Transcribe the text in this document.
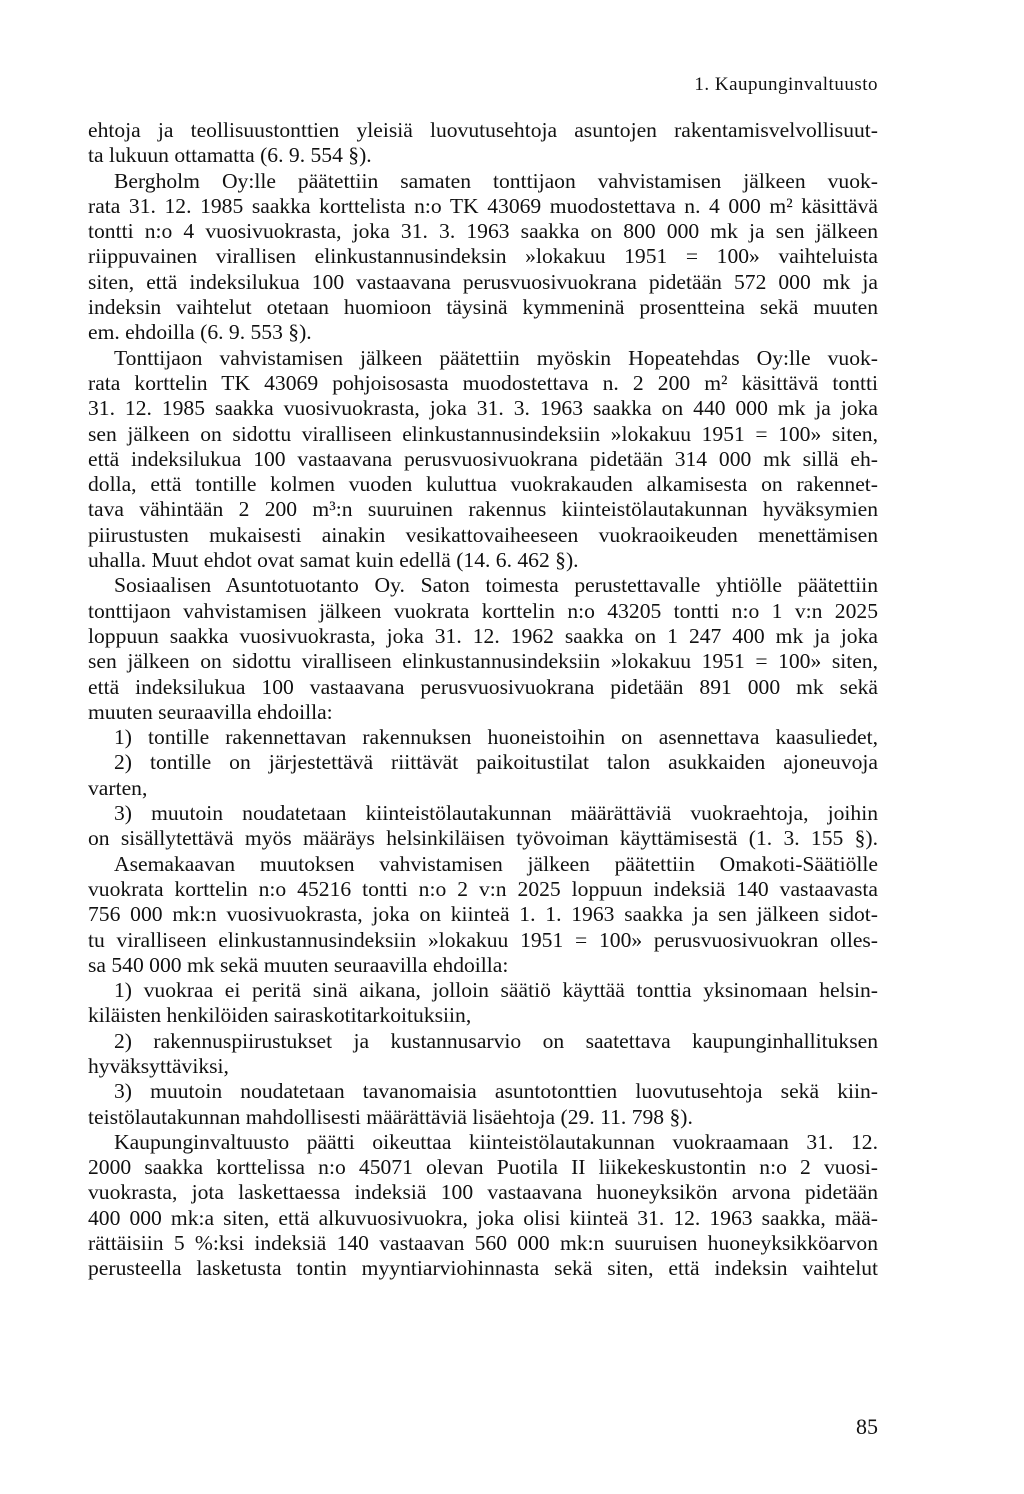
1. Kaupunginvaltuusto
ehtoja ja teollisuustonttien yleisiä luovutusehtoja asuntojen rakentamisvelvollisuut-
ta lukuun ottamatta (6. 9. 554 §).
Bergholm Oy:lle päätettiin samaten tonttijaon vahvistamisen jälkeen vuok-
rata 31. 12. 1985 saakka korttelista n:o TK 43069 muodostettava n. 4 000 m² käsittävä
tontti n:o 4 vuosivuokrasta, joka 31. 3. 1963 saakka on 800 000 mk ja sen jälkeen
riippuvainen virallisen elinkustannusindeksin »lokakuu 1951 = 100» vaihteluista
siten, että indeksilukua 100 vastaavana perusvuosivuokrana pidetään 572 000 mk ja
indeksin vaihtelut otetaan huomioon täysinä kymmeninä prosentteina sekä muuten
em. ehdoilla (6. 9. 553 §).
Tonttijaon vahvistamisen jälkeen päätettiin myöskin Hopeatehdas Oy:lle vuok-
rata korttelin TK 43069 pohjoisosasta muodostettava n. 2 200 m² käsittävä tontti
31. 12. 1985 saakka vuosivuokrasta, joka 31. 3. 1963 saakka on 440 000 mk ja joka
sen jälkeen on sidottu viralliseen elinkustannusindeksiin »lokakuu 1951 = 100» siten,
että indeksilukua 100 vastaavana perusvuosivuokrana pidetään 314 000 mk sillä eh-
dolla, että tontille kolmen vuoden kuluttua vuokrakauden alkamisesta on rakennet-
tava vähintään 2 200 m³:n suuruinen rakennus kiinteistölautakunnan hyväksymien
piirustusten mukaisesti ainakin vesikattovaiheeseen vuokraoikeuden menettämisen
uhalla. Muut ehdot ovat samat kuin edellä (14. 6. 462 §).
Sosiaalisen Asuntotuotanto Oy. Saton toimesta perustettavalle yhtiölle päätettiin
tonttijaon vahvistamisen jälkeen vuokrata korttelin n:o 43205 tontti n:o 1 v:n 2025
loppuun saakka vuosivuokrasta, joka 31. 12. 1962 saakka on 1 247 400 mk ja joka
sen jälkeen on sidottu viralliseen elinkustannusindeksiin »lokakuu 1951 = 100» siten,
että indeksilukua 100 vastaavana perusvuosivuokrana pidetään 891 000 mk sekä
muuten seuraavilla ehdoilla:
1) tontille rakennettavan rakennuksen huoneistoihin on asennettava kaasuliedet,
2) tontille on järjestettävä riittävät paikoitustilat talon asukkaiden ajoneuvoja
varten,
3) muutoin noudatetaan kiinteistölautakunnan määrättäviä vuokraehtoja, joihin
on sisällytettävä myös määräys helsinkiläisen työvoiman käyttämisestä (1. 3. 155 §).
Asemakaavan muutoksen vahvistamisen jälkeen päätettiin Omakoti-Säätiölle
vuokrata korttelin n:o 45216 tontti n:o 2 v:n 2025 loppuun indeksiä 140 vastaavasta
756 000 mk:n vuosivuokrasta, joka on kiinteä 1. 1. 1963 saakka ja sen jälkeen sidot-
tu viralliseen elinkustannusindeksiin »lokakuu 1951 = 100» perusvuosivuokran olles-
sa 540 000 mk sekä muuten seuraavilla ehdoilla:
1) vuokraa ei peritä sinä aikana, jolloin säätiö käyttää tonttia yksinomaan helsin-
kiläisten henkilöiden sairaskotitarkoituksiin,
2) rakennuspiirustukset ja kustannusarvio on saatettava kaupunginhallituksen
hyväksyttäviksi,
3) muutoin noudatetaan tavanomaisia asuntotonttien luovutusehtoja sekä kiin-
teistölautakunnan mahdollisesti määrättäviä lisäehtoja (29. 11. 798 §).
Kaupunginvaltuusto päätti oikeuttaa kiinteistölautakunnan vuokraamaan 31. 12.
2000 saakka korttelissa n:o 45071 olevan Puotila II liikekeskustontin n:o 2 vuosi-
vuokrasta, jota laskettaessa indeksiä 100 vastaavana huoneyksikön arvona pidetään
400 000 mk:a siten, että alkuvuosivuokra, joka olisi kiinteä 31. 12. 1963 saakka, mää-
rättäisiin 5 %:ksi indeksiä 140 vastaavan 560 000 mk:n suuruisen huoneyksikköarvon
perusteella lasketusta tontin myyntiarviohinnasta sekä siten, että indeksin vaihtelut
85
